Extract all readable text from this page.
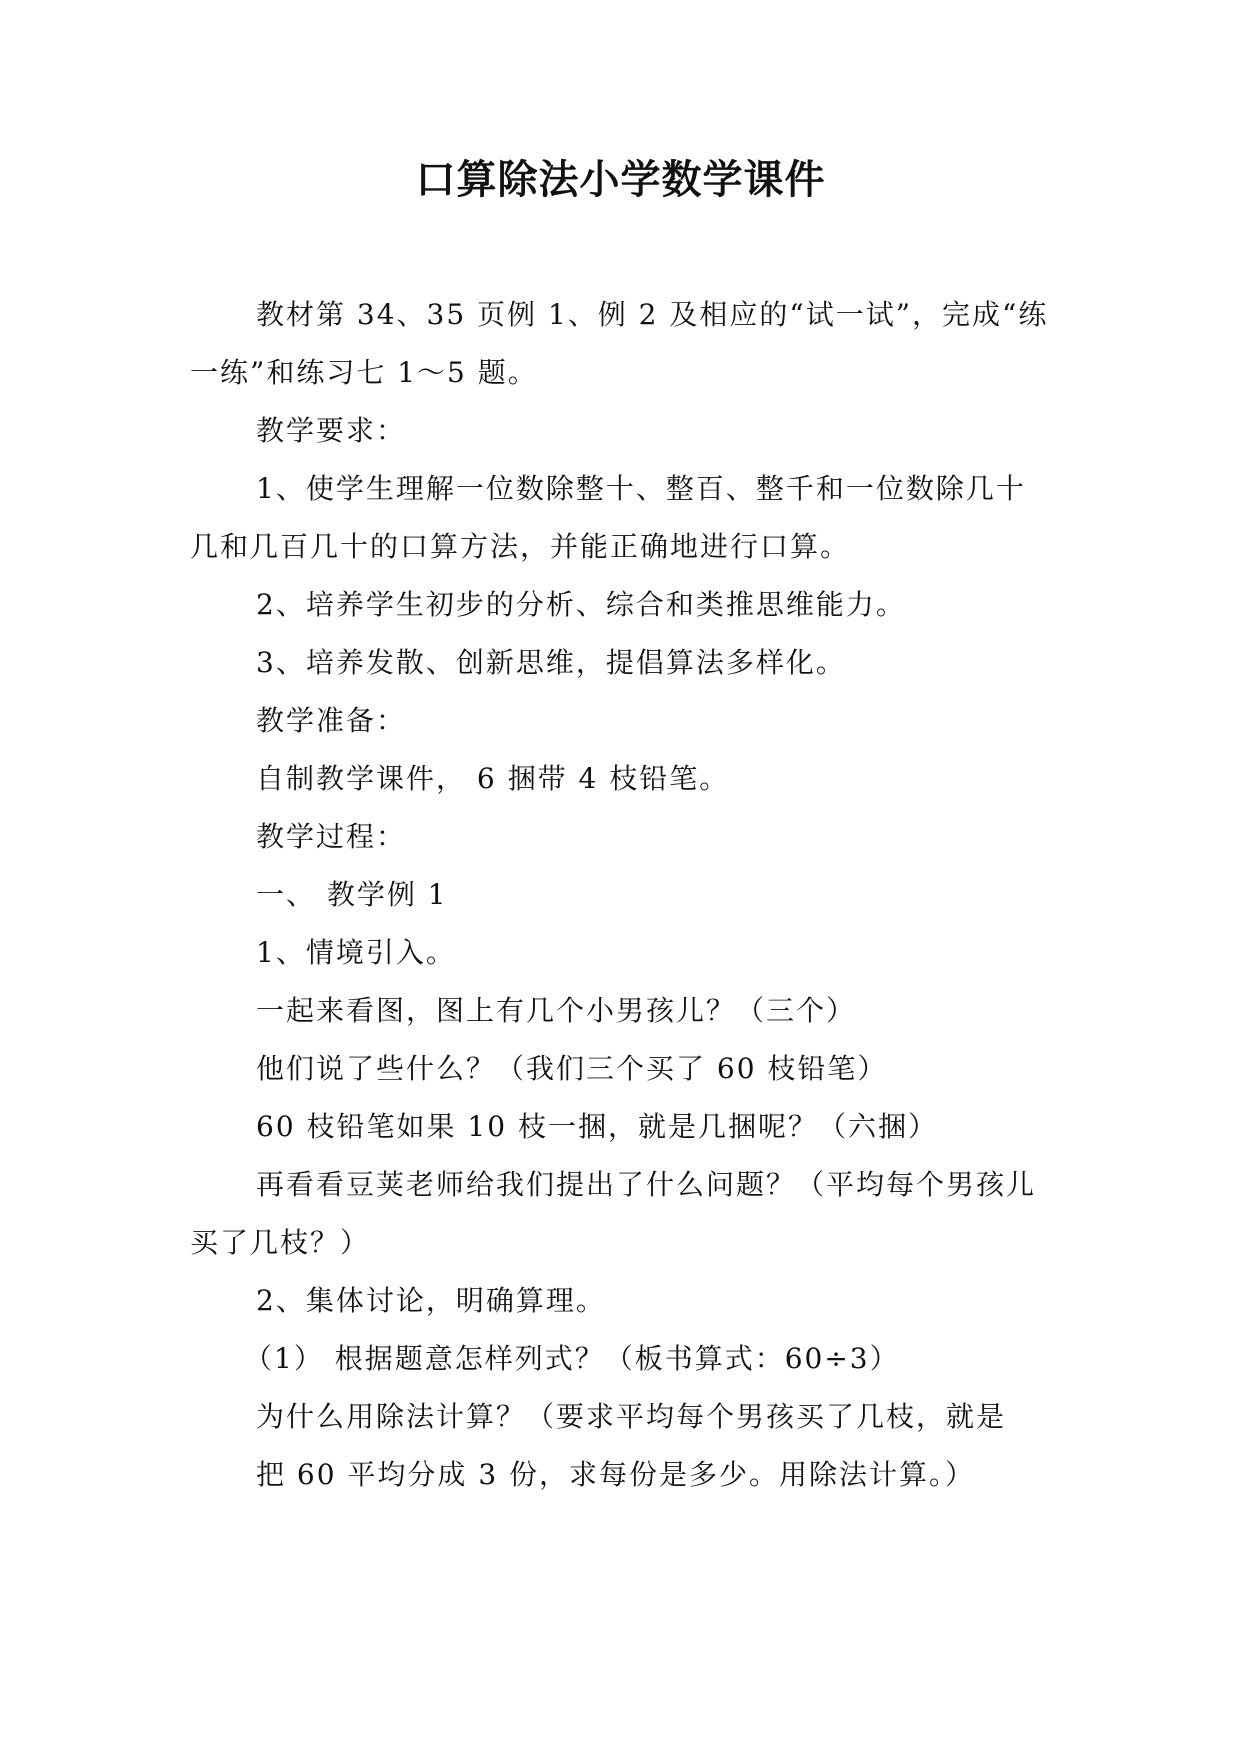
口算除法小学数学课件

教材第 34、35 页例 1、例 2 及相应的“试一试”，完成“练一练”和练习七 1～5 题。

教学要求：

1、使学生理解一位数除整十、整百、整千和一位数除几十几和几百几十的口算方法，并能正确地进行口算。

2、培养学生初步的分析、综合和类推思维能力。

3、培养发散、创新思维，提倡算法多样化。

教学准备：

自制教学课件， 6 捆带 4 枝铅笔。

教学过程：

一、 教学例 1

1、情境引入。

一起来看图，图上有几个小男孩儿？（三个）

他们说了些什么？（我们三个买了 60 枝铅笔）

60 枝铅笔如果 10 枝一捆，就是几捆呢？（六捆）

再看看豆荚老师给我们提出了什么问题？（平均每个男孩儿买了几枝？）

2、集体讨论，明确算理。

（1） 根据题意怎样列式？（板书算式：60÷3）

为什么用除法计算？（要求平均每个男孩买了几枝，就是

把 60 平均分成 3 份，求每份是多少。用除法计算。）
